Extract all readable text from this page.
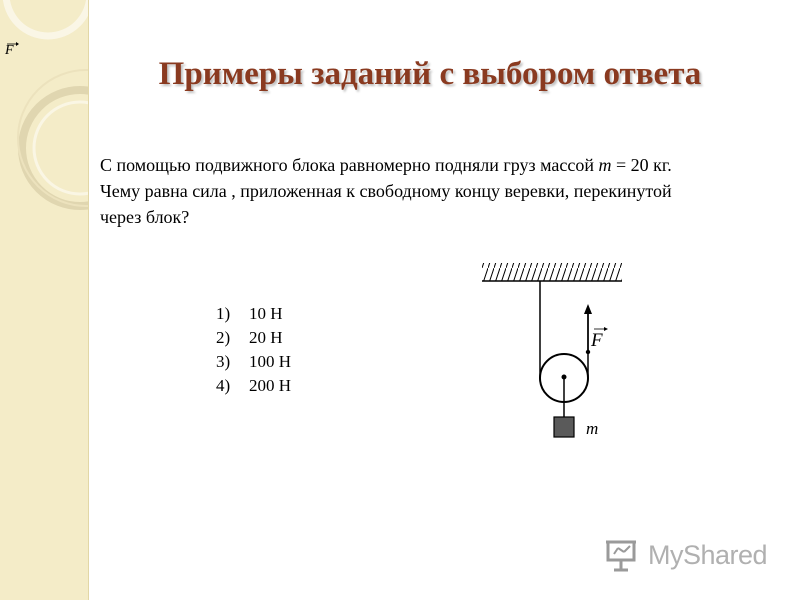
F
Примеры заданий с выбором ответа

С помощью подвижного блока равномерно подняли груз массой m = 20 кг.

Чему равна сила , приложенная к свободному концу веревки, перекинутой

через блок?

1) 10 Н
2) 20 Н
3) 100 Н
4) 200 Н
F
m
MyShared
